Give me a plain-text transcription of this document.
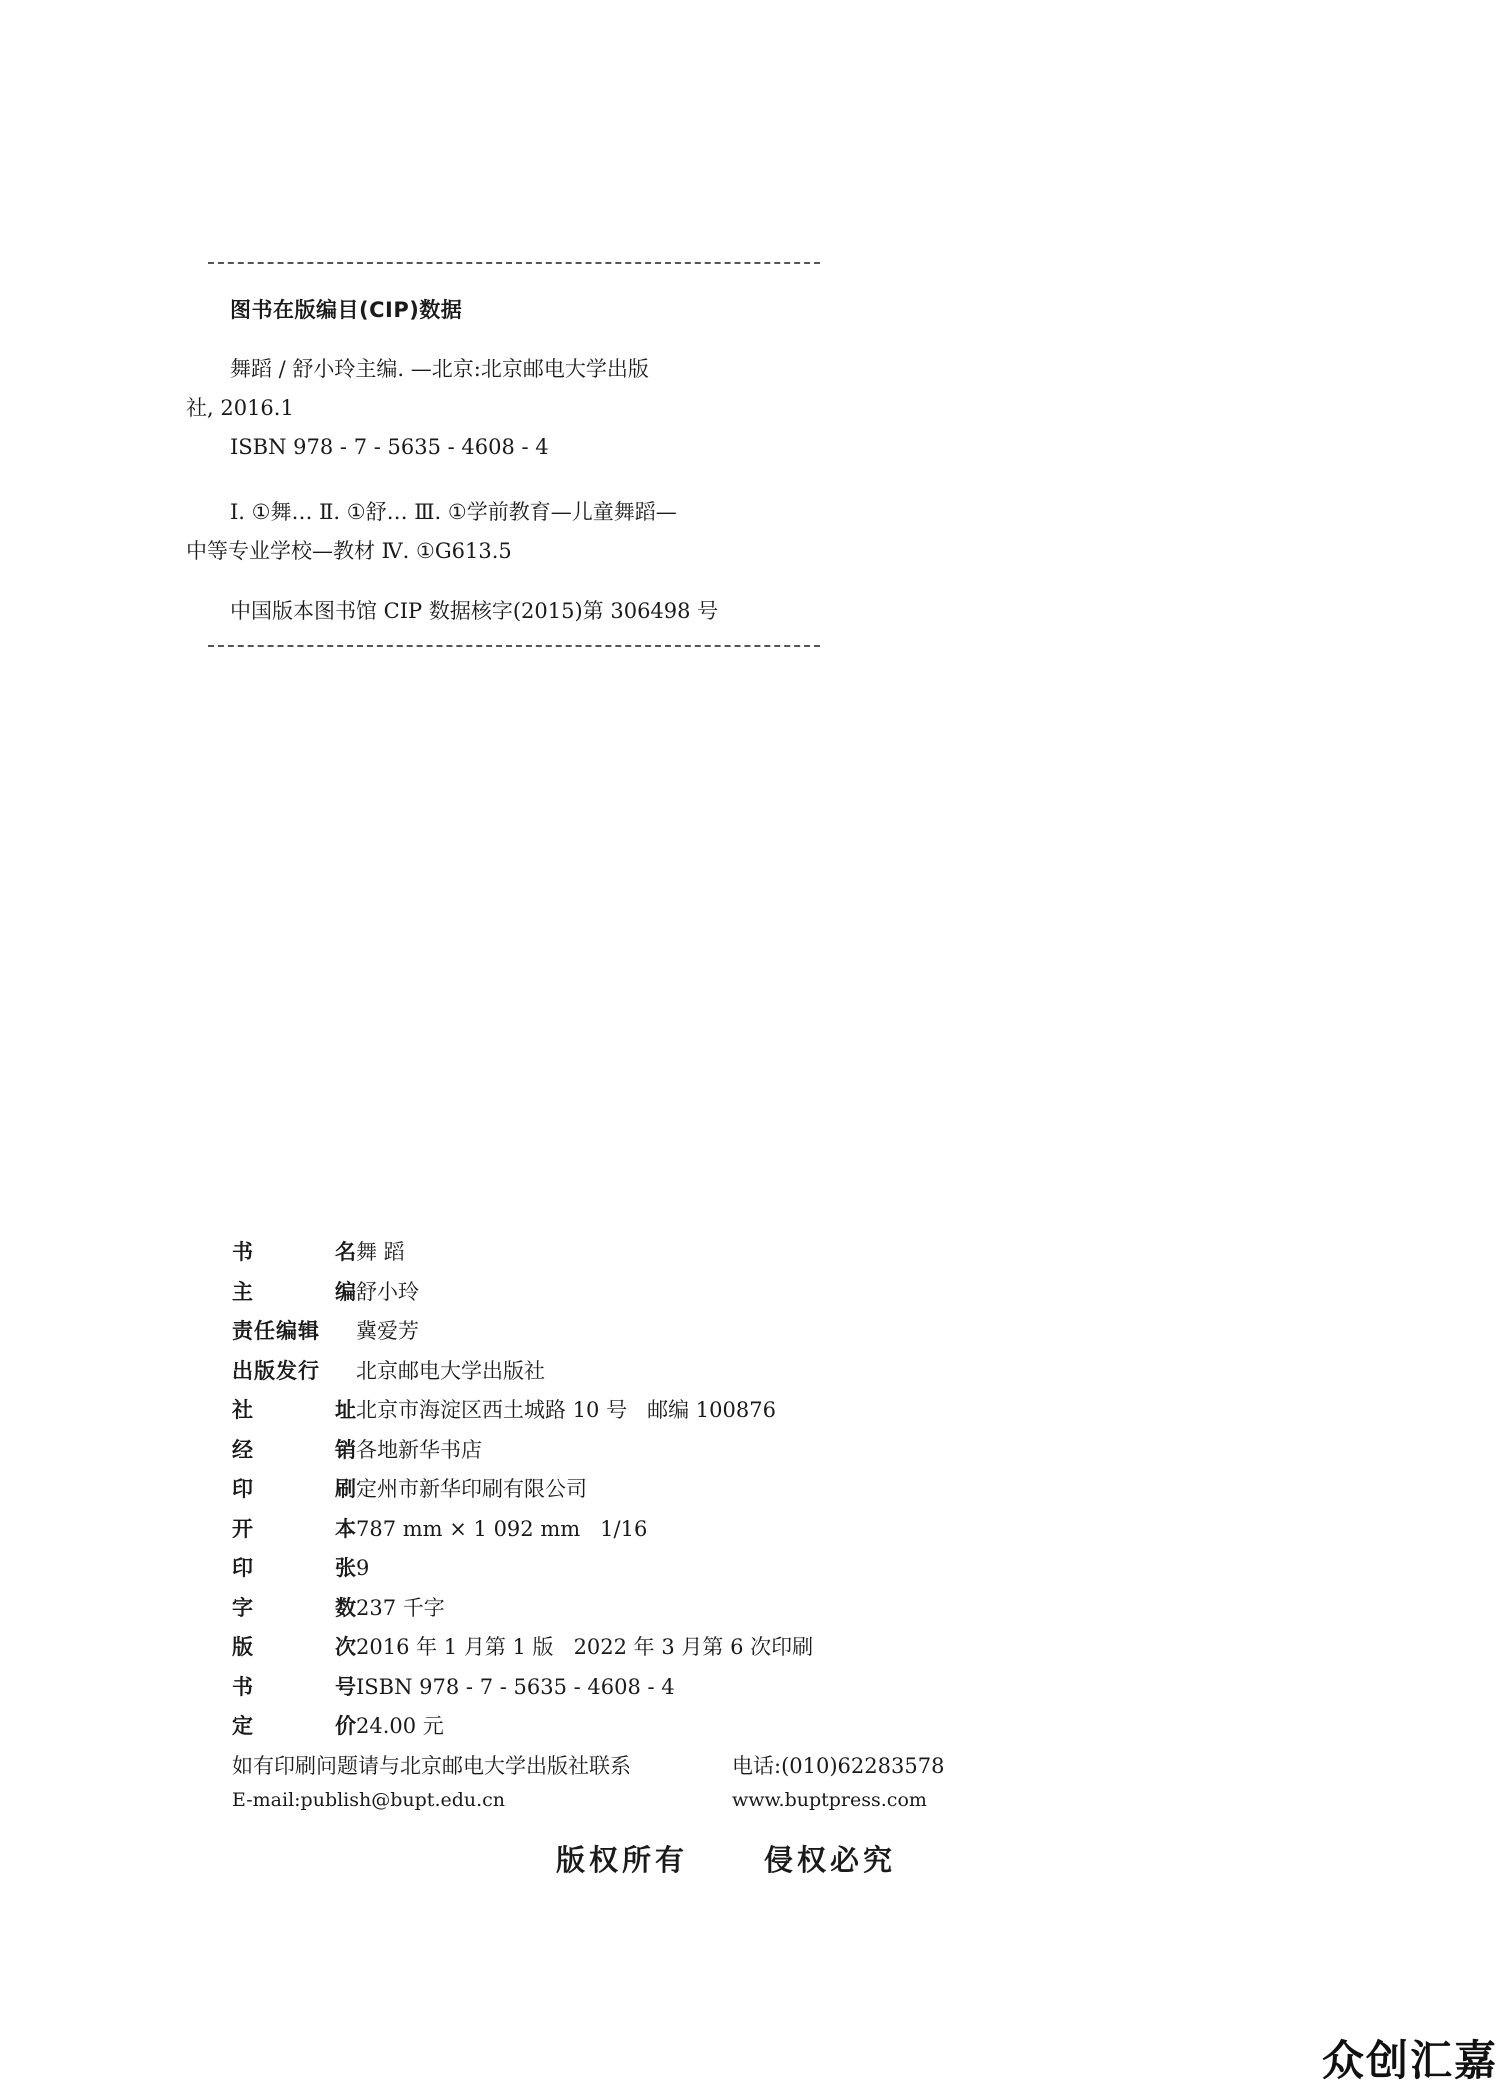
图书在版编目(CIP)数据
舞蹈 / 舒小玲主编. —北京:北京邮电大学出版
社, 2016.1
ISBN 978 - 7 - 5635 - 4608 - 4
Ⅰ. ①舞… Ⅱ. ①舒… Ⅲ. ①学前教育—儿童舞蹈—
中等专业学校—教材 Ⅳ. ①G613.5
中国版本图书馆 CIP 数据核字(2015)第 306498 号
书	名 舞 蹈
主	编 舒小玲
责任编辑 冀爱芳
出版发行 北京邮电大学出版社
社	址 北京市海淀区西土城路 10 号   邮编 100876
经	销 各地新华书店
印	刷 定州市新华印刷有限公司
开	本 787 mm × 1 092 mm   1/16
印	张 9
字	数 237 千字
版	次 2016 年 1 月第 1 版   2022 年 3 月第 6 次印刷
书	号 ISBN 978 - 7 - 5635 - 4608 - 4
定	价 24.00 元
如有印刷问题请与北京邮电大学出版社联系	电话:(010)62283578
E-mail:publish@bupt.edu.cn	www.buptpress.com
版权所有	侵权必究
众创汇嘉
